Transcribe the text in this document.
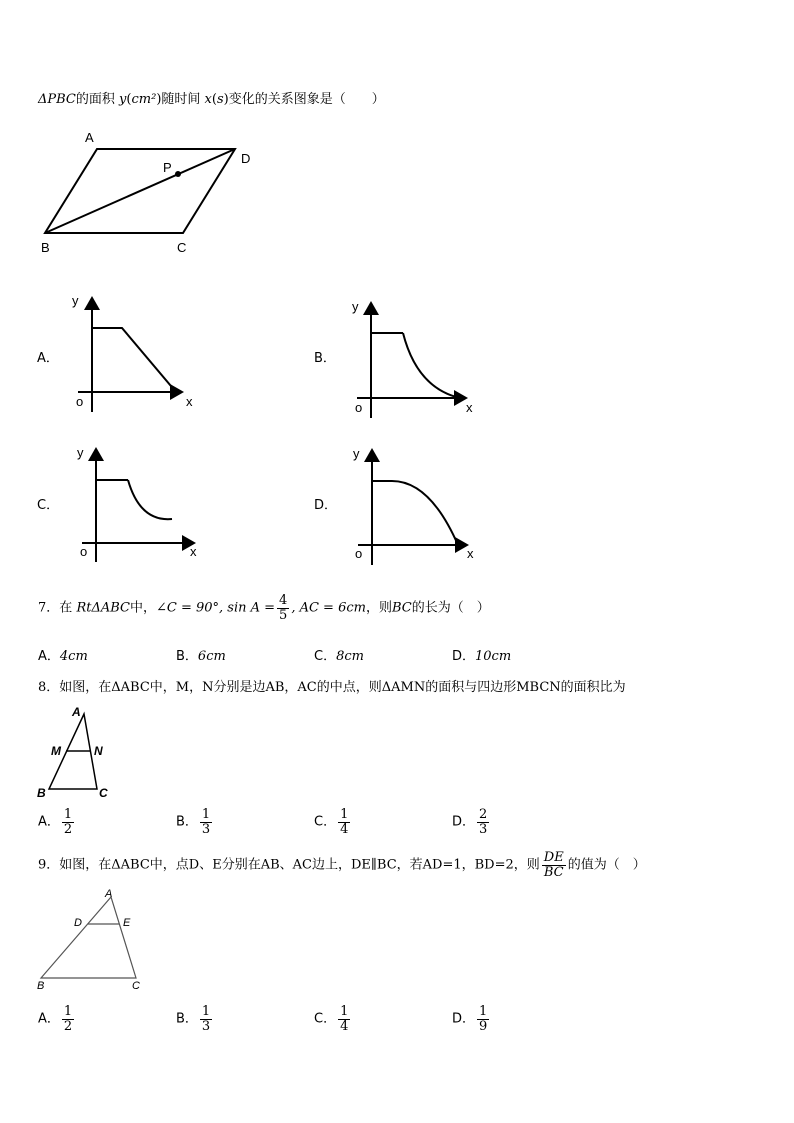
ΔPBC的面积 y(cm²)随时间 x(s)变化的关系图象是（　　）
A
D
P
B	C
y
x
o
y
x
o
y
x
o
y
x
o
A．	B．
C．	D．
7．在 RtΔABC中，∠C = 90°, $\sin A = \frac{4}{5}$ , AC = 6cm，则BC的长为（　）
A．4cm	B．6cm	C．8cm	D．10cm
8．如图，在ΔABC中，M，N分别是边AB，AC的中点，则ΔAMN的面积与四边形MBCN的面积比为
A
M	N
B	C
A． $\frac{1}{2}$	B． $\frac{1}{3}$	C． $\frac{1}{4}$	D． $\frac{2}{3}$
9．如图，在ΔABC中，点D、E分别在AB、AC边上，DE∥BC，若AD=1，BD=2，则 $\frac{DE}{BC}$ 的值为（　）
A
D	E
B	C
A． $\frac{1}{2}$	B． $\frac{1}{3}$	C． $\frac{1}{4}$	D． $\frac{1}{9}$
